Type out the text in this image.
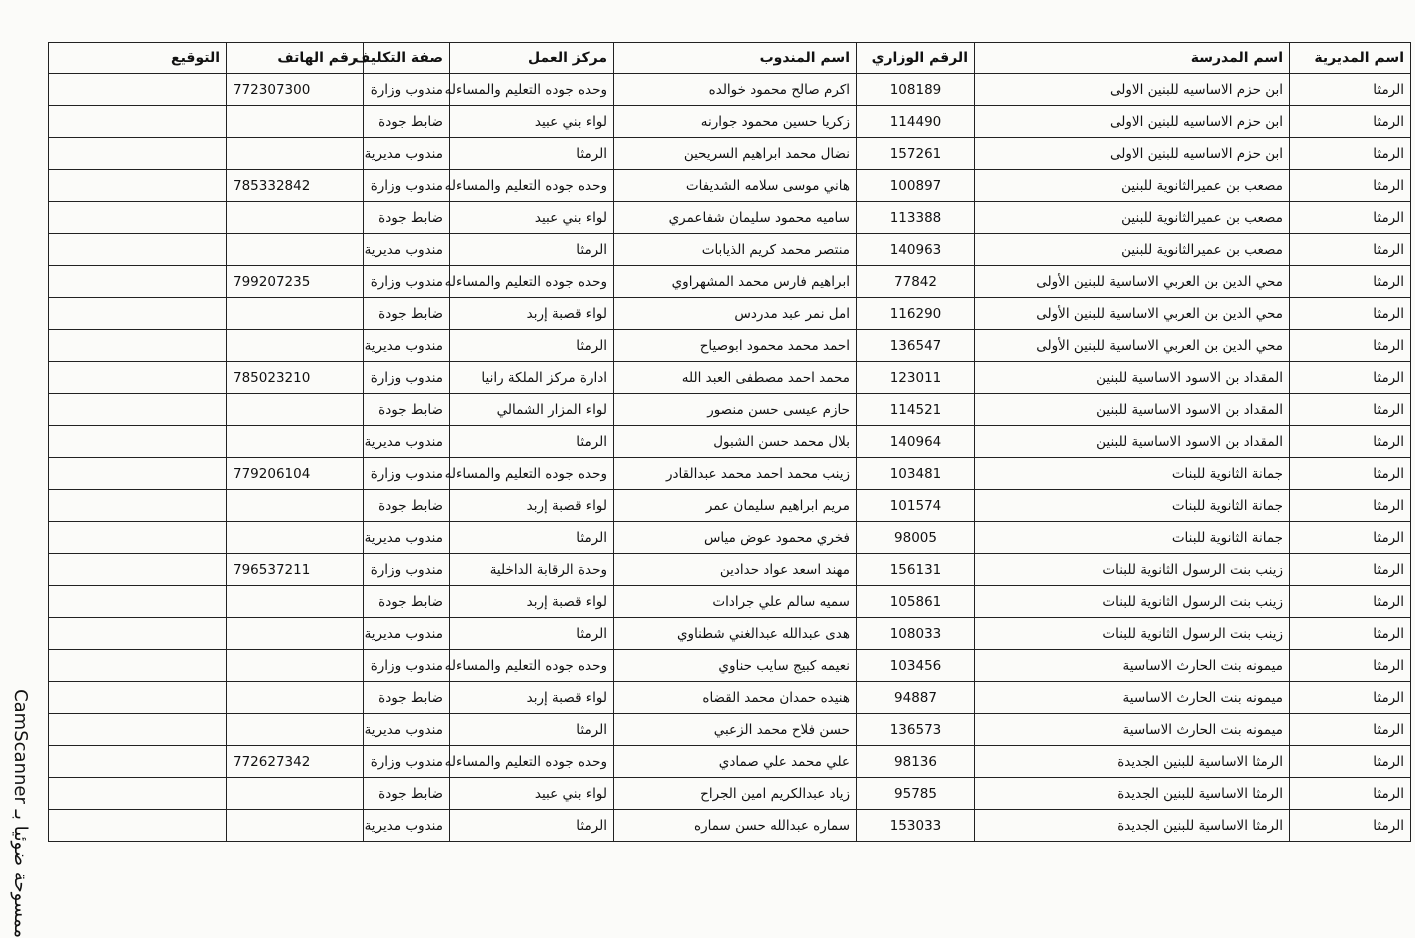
اسم المديرية	اسم المدرسة	الرقم الوزاري	اسم المندوب	مركز العمل	صفة التكليف	رقم الهاتف	التوقيع
الرمثا	ابن حزم الاساسيه للبنين الاولى	108189	اكرم صالح محمود خوالده	وحده جوده التعليم والمساءله	مندوب وزارة	772307300	
الرمثا	ابن حزم الاساسيه للبنين الاولى	114490	زكريا حسين محمود جوارنه	لواء بني عبيد	ضابط جودة		
الرمثا	ابن حزم الاساسيه للبنين الاولى	157261	نضال محمد ابراهيم السريحين	الرمثا	مندوب مديرية		
الرمثا	مصعب بن عميرالثانوية للبنين	100897	هاني موسى سلامه الشديفات	وحده جوده التعليم والمساءله	مندوب وزارة	785332842	
الرمثا	مصعب بن عميرالثانوية للبنين	113388	ساميه محمود سليمان شفاعمري	لواء بني عبيد	ضابط جودة		
الرمثا	مصعب بن عميرالثانوية للبنين	140963	منتصر محمد كريم الذيابات	الرمثا	مندوب مديرية		
الرمثا	محي الدين بن العربي الاساسية للبنين الأولى	77842	ابراهيم فارس محمد المشهراوي	وحده جوده التعليم والمساءله	مندوب وزارة	799207235	
الرمثا	محي الدين بن العربي الاساسية للبنين الأولى	116290	امل نمر عبد مدردس	لواء قصبة إربد	ضابط جودة		
الرمثا	محي الدين بن العربي الاساسية للبنين الأولى	136547	احمد محمد محمود ابوصياح	الرمثا	مندوب مديرية		
الرمثا	المقداد بن الاسود الاساسية للبنين	123011	محمد احمد مصطفى العبد الله	ادارة مركز الملكة رانيا	مندوب وزارة	785023210	
الرمثا	المقداد بن الاسود الاساسية للبنين	114521	حازم عيسى حسن منصور	لواء المزار الشمالي	ضابط جودة		
الرمثا	المقداد بن الاسود الاساسية للبنين	140964	بلال محمد حسن الشبول	الرمثا	مندوب مديرية		
الرمثا	جمانة الثانوية للبنات	103481	زينب محمد احمد محمد عبدالقادر	وحده جوده التعليم والمساءله	مندوب وزارة	779206104	
الرمثا	جمانة الثانوية للبنات	101574	مريم ابراهيم سليمان عمر	لواء قصبة إربد	ضابط جودة		
الرمثا	جمانة الثانوية للبنات	98005	فخري محمود عوض مياس	الرمثا	مندوب مديرية		
الرمثا	زينب بنت الرسول الثانوية للبنات	156131	مهند اسعد عواد حدادين	وحدة الرقابة الداخلية	مندوب وزارة	796537211	
الرمثا	زينب بنت الرسول الثانوية للبنات	105861	سميه سالم علي جرادات	لواء قصبة إربد	ضابط جودة		
الرمثا	زينب بنت الرسول الثانوية للبنات	108033	هدى عبدالله عبدالغني شطناوي	الرمثا	مندوب مديرية		
الرمثا	ميمونه بنت الحارث الاساسية	103456	نعيمه كبيج سايب حناوي	وحده جوده التعليم والمساءله	مندوب وزارة		
الرمثا	ميمونه بنت الحارث الاساسية	94887	هنيده حمدان محمد القضاه	لواء قصبة إربد	ضابط جودة		
الرمثا	ميمونه بنت الحارث الاساسية	136573	حسن فلاح محمد الزعبي	الرمثا	مندوب مديرية		
الرمثا	الرمثا الاساسية للبنين الجديدة	98136	علي محمد علي صمادي	وحده جوده التعليم والمساءله	مندوب وزارة	772627342	
الرمثا	الرمثا الاساسية للبنين الجديدة	95785	زياد عبدالكريم امين الجراح	لواء بني عبيد	ضابط جودة		
الرمثا	الرمثا الاساسية للبنين الجديدة	153033	سماره عبدالله حسن سماره	الرمثا	مندوب مديرية		
ممسوحة ضوئيا بـ CamScanner
